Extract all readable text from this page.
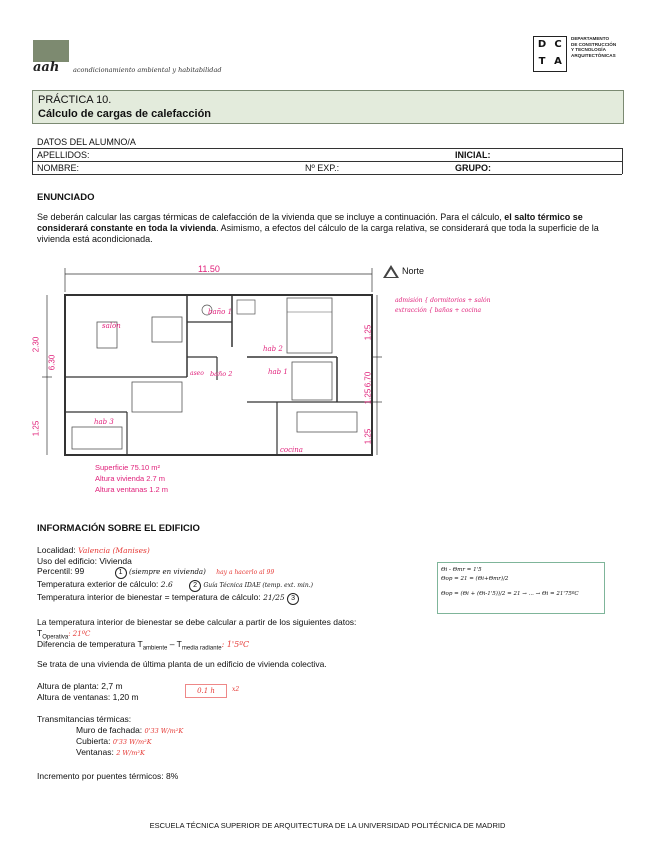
aah acondicionamiento ambiental y habitabilidad
D C
T A
DEPARTAMENTO
DE CONSTRUCCIÓN
Y TECNOLOGÍA
ARQUITECTÓNICAS
PRÁCTICA 10.
Cálculo de cargas de calefacción
DATOS DEL ALUMNO/A
APELLIDOS:	INICIAL:
NOMBRE:	Nº EXP.:	GRUPO:
ENUNCIADO
Se deberán calcular las cargas térmicas de calefacción de la vivienda que se incluye a continuación. Para el cálculo, el salto térmico se considerará constante en toda la vivienda. Asimismo, a efectos del cálculo de la carga relativa, se considerará que toda la superficie de la vivienda está acondicionada.
11.50
2.30
1.25
6.30
1.25
6.70
1.25
1.25
salón
baño 1
baño 2
hab 2
hab 1
aseo
cocina
hab 3
Norte
admisión { dormitorios + salón
extracción { baños + cocina
Superficie 75.10 m²
Altura vivienda 2.7 m
Altura ventanas 1.2 m
INFORMACIÓN SOBRE EL EDIFICIO
Localidad: Valencia (Manises)
Uso del edificio: Vivienda
Percentil: 99	1 (siempre en vivienda) hay a hacerlo al 99
Temperatura exterior de cálculo: 2.6	2 Guía Técnica IDAE (temp. ext. min.)
Temperatura interior de bienestar = temperatura de cálculo: 21/25 3
Θi - Θmr = 1'5
Θop = 21 = (Θi+Θmr)/2
Θop = (Θi + (Θi-1'5))/2 = 21 → ... → Θi = 21'75ºC
La temperatura interior de bienestar se debe calcular a partir de los siguientes datos:
$T_{Operativa}$: 21ºC
Diferencia de temperatura $T_{ambiente} - T_{media radiante}$: 1'5ºC
Se trata de una vivienda de última planta de un edificio de vivienda colectiva.
Altura de planta: 2,7 m
Altura de ventanas: 1,20 m
0.1 h	x2
Transmitancias térmicas:
Muro de fachada: 0'33 W/m²K
Cubierta: 0'33 W/m²K
Ventanas: 2 W/m²K
Incremento por puentes térmicos: 8%
ESCUELA TÉCNICA SUPERIOR DE ARQUITECTURA DE LA UNIVERSIDAD POLITÉCNICA DE MADRID
